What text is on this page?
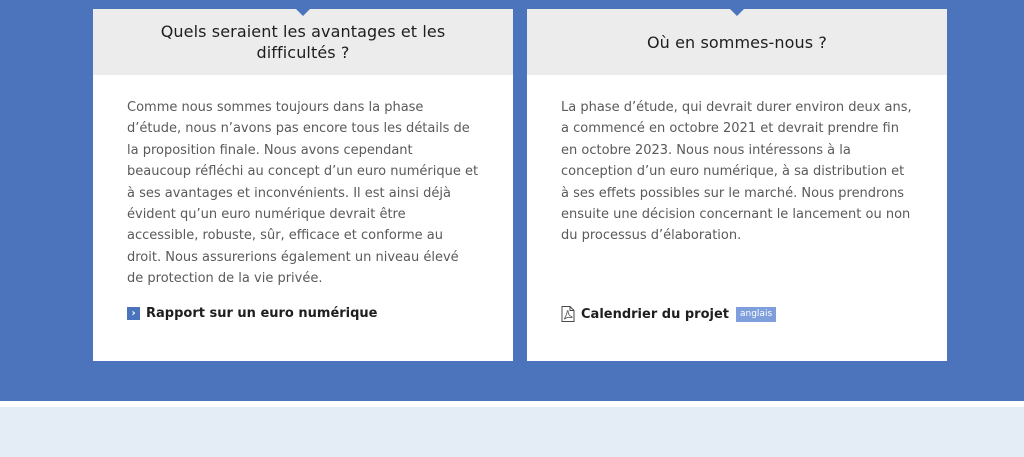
Quels seraient les avantages et les difficultés ?

Comme nous sommes toujours dans la phase d’étude, nous n’avons pas encore tous les détails de la proposition finale. Nous avons cependant beaucoup réfléchi au concept d’un euro numérique et à ses avantages et inconvénients. Il est ainsi déjà évident qu’un euro numérique devrait être accessible, robuste, sûr, efficace et conforme au droit. Nous assurerions également un niveau élevé de protection de la vie privée.

› Rapport sur un euro numérique
Où en sommes-nous ?

La phase d’étude, qui devrait durer environ deux ans, a commencé en octobre 2021 et devrait prendre fin en octobre 2023. Nous nous intéressons à la conception d’un euro numérique, à sa distribution et à ses effets possibles sur le marché. Nous prendrons ensuite une décision concernant le lancement ou non du processus d’élaboration.

Calendrier du projet	anglais
